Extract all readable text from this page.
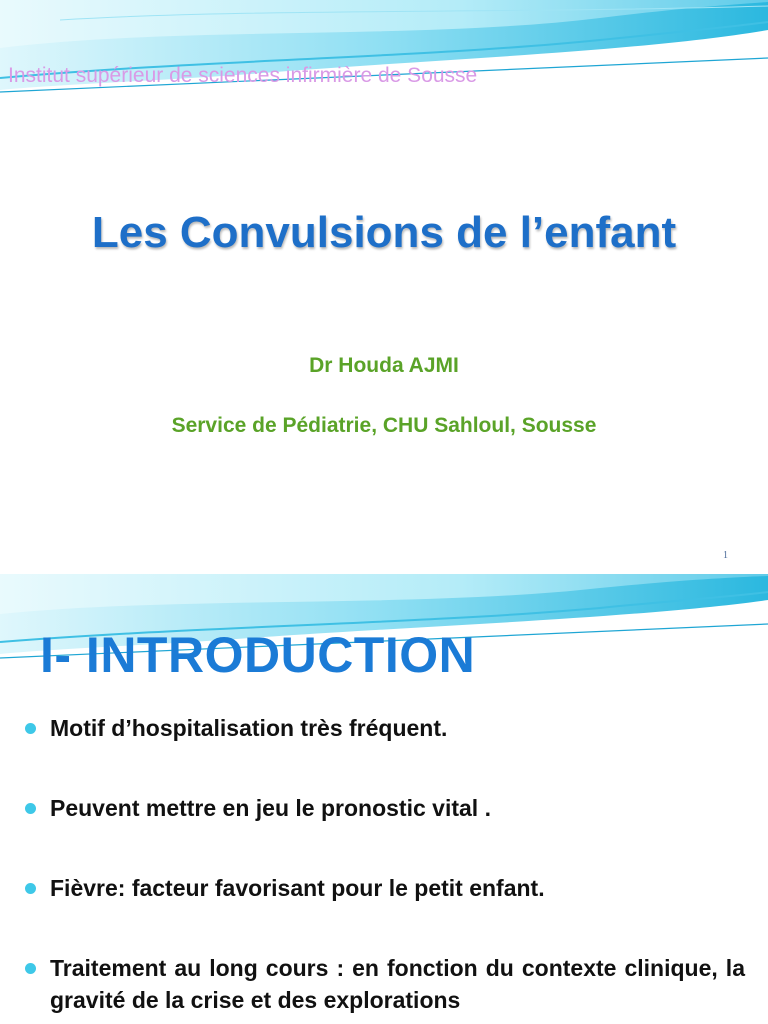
Institut supérieur de sciences infirmière de Sousse

Les Convulsions de l’enfant

Dr Houda AJMI

Service de Pédiatrie, CHU Sahloul, Sousse

1
I- INTRODUCTION
Motif d’hospitalisation très fréquent.
Peuvent mettre en jeu le pronostic vital .
Fièvre: facteur favorisant pour le petit enfant.
Traitement au long cours : en fonction du contexte clinique, la gravité de la crise et des explorations
